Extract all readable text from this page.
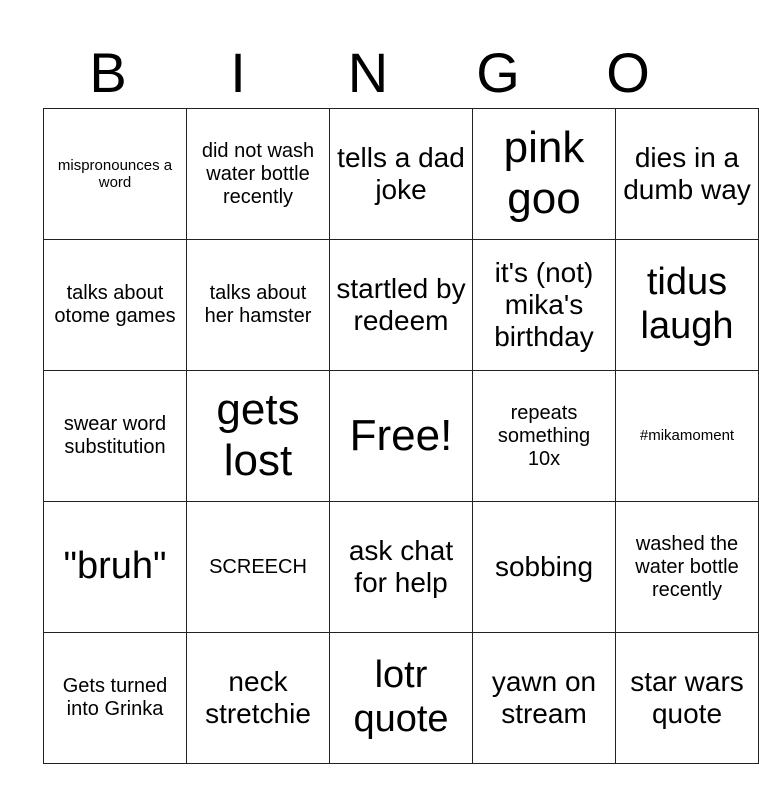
B	I	N	G	O
mispronounces a word	did not wash water bottle recently	tells a dad joke	pink goo	dies in a dumb way
talks about otome games	talks about her hamster	startled by redeem	it's (not) mika's birthday	tidus laugh
swear word substitution	gets lost	Free!	repeats something 10x	#mikamoment
"bruh"	SCREECH	ask chat for help	sobbing	washed the water bottle recently
Gets turned into Grinka	neck stretchie	lotr quote	yawn on stream	star wars quote
